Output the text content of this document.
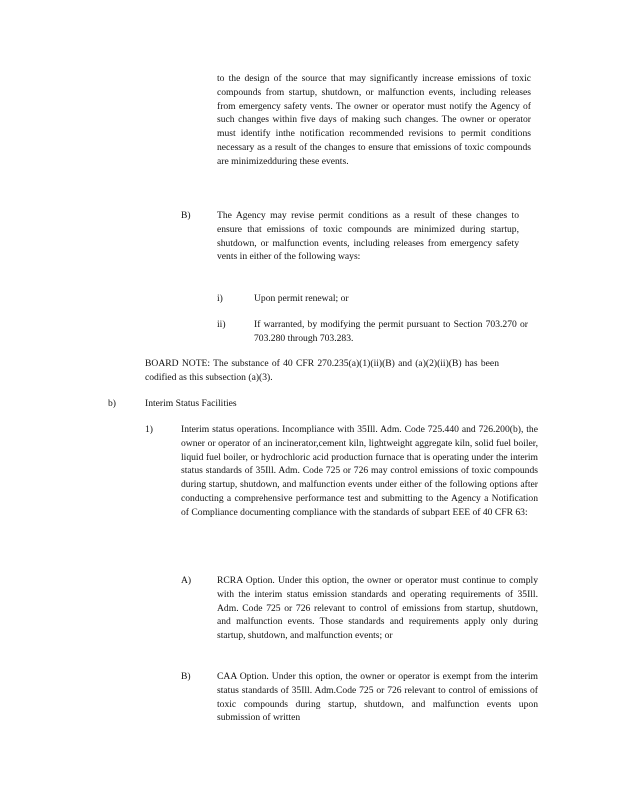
to the design of the source that may significantly increase emissions of toxic compounds from startup, shutdown, or malfunction events, including releases from emergency safety vents. The owner or operator must notify the Agency of such changes within five days of making such changes. The owner or operator must identify inthe notification recommended revisions to permit conditions necessary as a result of the changes to ensure that emissions of toxic compounds are minimizedduring these events.

B)	The Agency may revise permit conditions as a result of these changes to ensure that emissions of toxic compounds are minimized during startup, shutdown, or malfunction events, including releases from emergency safety vents in either of the following ways:

i)	Upon permit renewal; or

ii)	If warranted, by modifying the permit pursuant to Section 703.270 or 703.280 through 703.283.

BOARD NOTE: The substance of 40 CFR 270.235(a)(1)(ii)(B) and (a)(2)(ii)(B) has been codified as this subsection (a)(3).

b)	Interim Status Facilities

1)	Interim status operations. Incompliance with 35Ill. Adm. Code 725.440 and 726.200(b), the owner or operator of an incinerator,cement kiln, lightweight aggregate kiln, solid fuel boiler, liquid fuel boiler, or hydrochloric acid production furnace that is operating under the interim status standards of 35Ill. Adm. Code 725 or 726 may control emissions of toxic compounds during startup, shutdown, and malfunction events under either of the following options after conducting a comprehensive performance test and submitting to the Agency a Notification of Compliance documenting compliance with the standards of subpart EEE of 40 CFR 63:

A)	RCRA Option. Under this option, the owner or operator must continue to comply with the interim status emission standards and operating requirements of 35Ill. Adm. Code 725 or 726 relevant to control of emissions from startup, shutdown, and malfunction events. Those standards and requirements apply only during startup, shutdown, and malfunction events; or

B)	CAA Option. Under this option, the owner or operator is exempt from the interim status standards of 35Ill. Adm.Code 725 or 726 relevant to control of emissions of toxic compounds during startup, shutdown, and malfunction events upon submission of written
